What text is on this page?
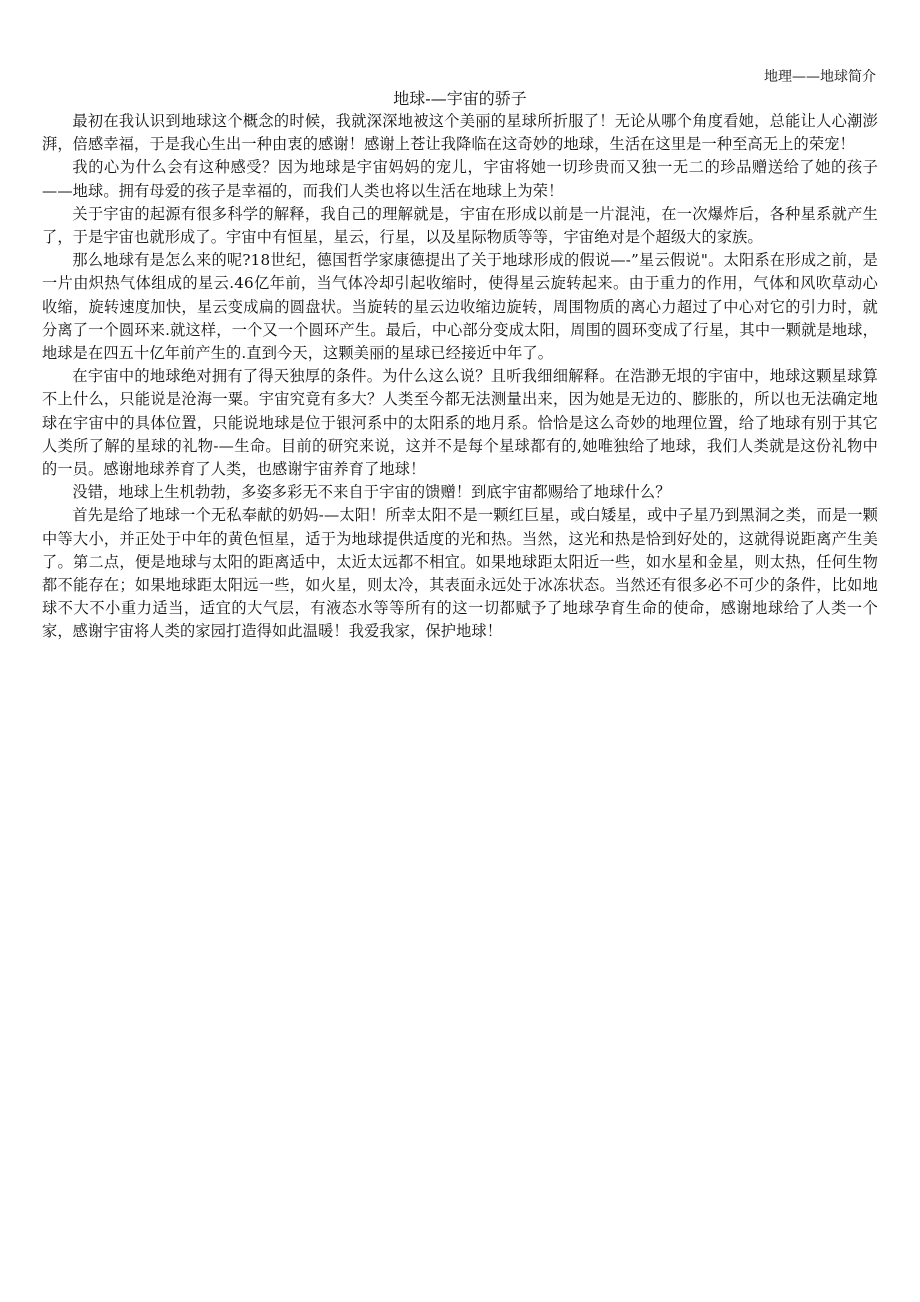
地理——地球简介
地球-—宇宙的骄子

最初在我认识到地球这个概念的时候，我就深深地被这个美丽的星球所折服了！无论从哪个角度看她，总能让人心潮澎湃，倍感幸福，于是我心生出一种由衷的感谢！感谢上苍让我降临在这奇妙的地球，生活在这里是一种至高无上的荣宠！

我的心为什么会有这种感受？因为地球是宇宙妈妈的宠儿，宇宙将她一切珍贵而又独一无二的珍品赠送给了她的孩子——地球。拥有母爱的孩子是幸福的，而我们人类也将以生活在地球上为荣！

关于宇宙的起源有很多科学的解释，我自己的理解就是，宇宙在形成以前是一片混沌，在一次爆炸后，各种星系就产生了，于是宇宙也就形成了。宇宙中有恒星，星云，行星，以及星际物质等等，宇宙绝对是个超级大的家族。

那么地球有是怎么来的呢?18世纪，德国哲学家康德提出了关于地球形成的假说—-”星云假说"。太阳系在形成之前，是一片由炽热气体组成的星云.46亿年前，当气体冷却引起收缩时，使得星云旋转起来。由于重力的作用，气体和风吹草动心收缩，旋转速度加快，星云变成扁的圆盘状。当旋转的星云边收缩边旋转，周围物质的离心力超过了中心对它的引力时，就分离了一个圆环来.就这样，一个又一个圆环产生。最后，中心部分变成太阳，周围的圆环变成了行星，其中一颗就是地球，地球是在四五十亿年前产生的.直到今天，这颗美丽的星球已经接近中年了。

在宇宙中的地球绝对拥有了得天独厚的条件。为什么这么说？且听我细细解释。在浩渺无垠的宇宙中，地球这颗星球算不上什么，只能说是沧海一粟。宇宙究竟有多大？人类至今都无法测量出来，因为她是无边的、膨胀的，所以也无法确定地球在宇宙中的具体位置，只能说地球是位于银河系中的太阳系的地月系。恰恰是这么奇妙的地理位置，给了地球有别于其它人类所了解的星球的礼物-—生命。目前的研究来说，这并不是每个星球都有的,她唯独给了地球，我们人类就是这份礼物中的一员。感谢地球养育了人类，也感谢宇宙养育了地球！

没错，地球上生机勃勃，多姿多彩无不来自于宇宙的馈赠！到底宇宙都赐给了地球什么？

首先是给了地球一个无私奉献的奶妈-—太阳！所幸太阳不是一颗红巨星，或白矮星，或中子星乃到黑洞之类，而是一颗中等大小，并正处于中年的黄色恒星，适于为地球提供适度的光和热。当然，这光和热是恰到好处的，这就得说距离产生美了。第二点，便是地球与太阳的距离适中，太近太远都不相宜。如果地球距太阳近一些，如水星和金星，则太热，任何生物都不能存在；如果地球距太阳远一些，如火星，则太冷，其表面永远处于冰冻状态。当然还有很多必不可少的条件，比如地球不大不小重力适当，适宜的大气层，有液态水等等所有的这一切都赋予了地球孕育生命的使命，感谢地球给了人类一个家，感谢宇宙将人类的家园打造得如此温暖！我爱我家，保护地球！
